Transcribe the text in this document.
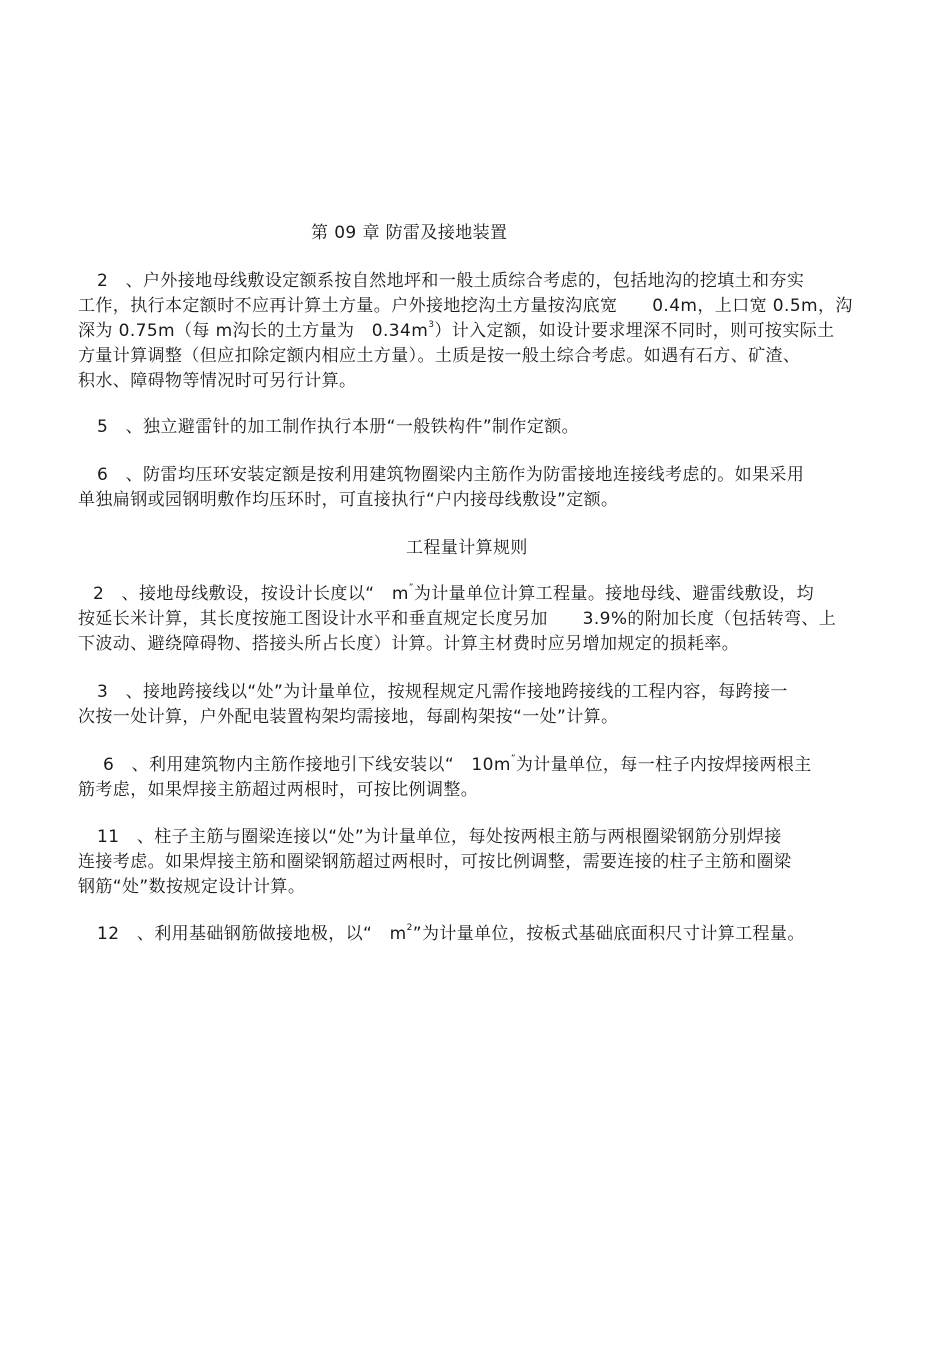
第 09 章 防雷及接地装置
2　、户外接地母线敷设定额系按自然地坪和一般土质综合考虑的，包括地沟的挖填土和夯实
工作，执行本定额时不应再计算土方量。户外接地挖沟土方量按沟底宽　　0.4m，上口宽 0.5m，沟
深为 0.75m（每 m沟长的土方量为　$0.34m^3$）计入定额，如设计要求埋深不同时，则可按实际土
方量计算调整（但应扣除定额内相应土方量）。土质是按一般土综合考虑。如遇有石方、矿渣、
积水、障碍物等情况时可另行计算。
5　、独立避雷针的加工制作执行本册“一般铁构件”制作定额。
6　、防雷均压环安装定额是按利用建筑物圈梁内主筋作为防雷接地连接线考虑的。如果采用
单独扁钢或园钢明敷作均压环时，可直接执行“户内接母线敷设”定额。
工程量计算规则
2　、接地母线敷设，按设计长度以“　m”为计量单位计算工程量。接地母线、避雷线敷设，均
按延长米计算，其长度按施工图设计水平和垂直规定长度另加　　3.9%的附加长度（包括转弯、上
下波动、避绕障碍物、搭接头所占长度）计算。计算主材费时应另增加规定的损耗率。
3　、接地跨接线以“处”为计量单位，按规程规定凡需作接地跨接线的工程内容，每跨接一
次按一处计算，户外配电装置构架均需接地，每副构架按“一处”计算。
6　、利用建筑物内主筋作接地引下线安装以“　10m”为计量单位，每一柱子内按焊接两根主
筋考虑，如果焊接主筋超过两根时，可按比例调整。
11　、柱子主筋与圈梁连接以“处”为计量单位，每处按两根主筋与两根圈梁钢筋分别焊接
连接考虑。如果焊接主筋和圈梁钢筋超过两根时，可按比例调整，需要连接的柱子主筋和圈梁
钢筋“处”数按规定设计计算。
12　、利用基础钢筋做接地极，以“　$m^2$”为计量单位，按板式基础底面积尺寸计算工程量。
